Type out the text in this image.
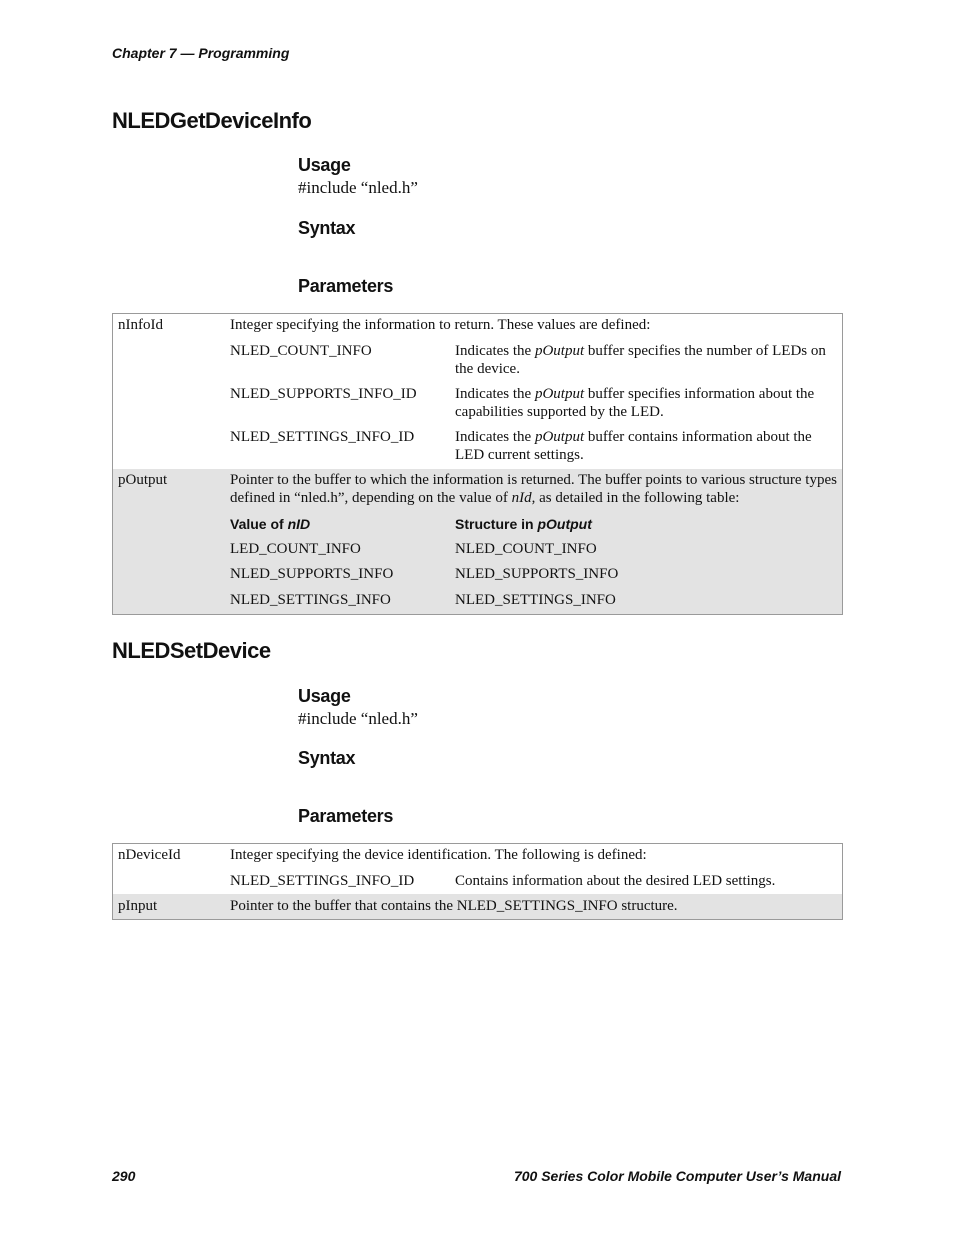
Chapter 7 — Programming
NLEDGetDeviceInfo
Usage
#include “nled.h”
Syntax
Parameters
nInfoId	Integer specifying the information to return. These values are defined:
NLED_COUNT_INFO	Indicates the pOutput buffer specifies the number of LEDs on the device.
NLED_SUPPORTS_INFO_ID	Indicates the pOutput buffer specifies information about the capabilities supported by the LED.
NLED_SETTINGS_INFO_ID	Indicates the pOutput buffer contains information about the LED current settings.
pOutput	Pointer to the buffer to which the information is returned. The buffer points to various structure types defined in “nled.h”, depending on the value of nId, as detailed in the following table:
Value of nID	Structure in pOutput
LED_COUNT_INFO	NLED_COUNT_INFO
NLED_SUPPORTS_INFO	NLED_SUPPORTS_INFO
NLED_SETTINGS_INFO	NLED_SETTINGS_INFO
NLEDSetDevice
Usage
#include “nled.h”
Syntax
Parameters
nDeviceId	Integer specifying the device identification. The following is defined:
NLED_SETTINGS_INFO_ID	Contains information about the desired LED settings.
pInput	Pointer to the buffer that contains the NLED_SETTINGS_INFO structure.
290	700 Series Color Mobile Computer User’s Manual
